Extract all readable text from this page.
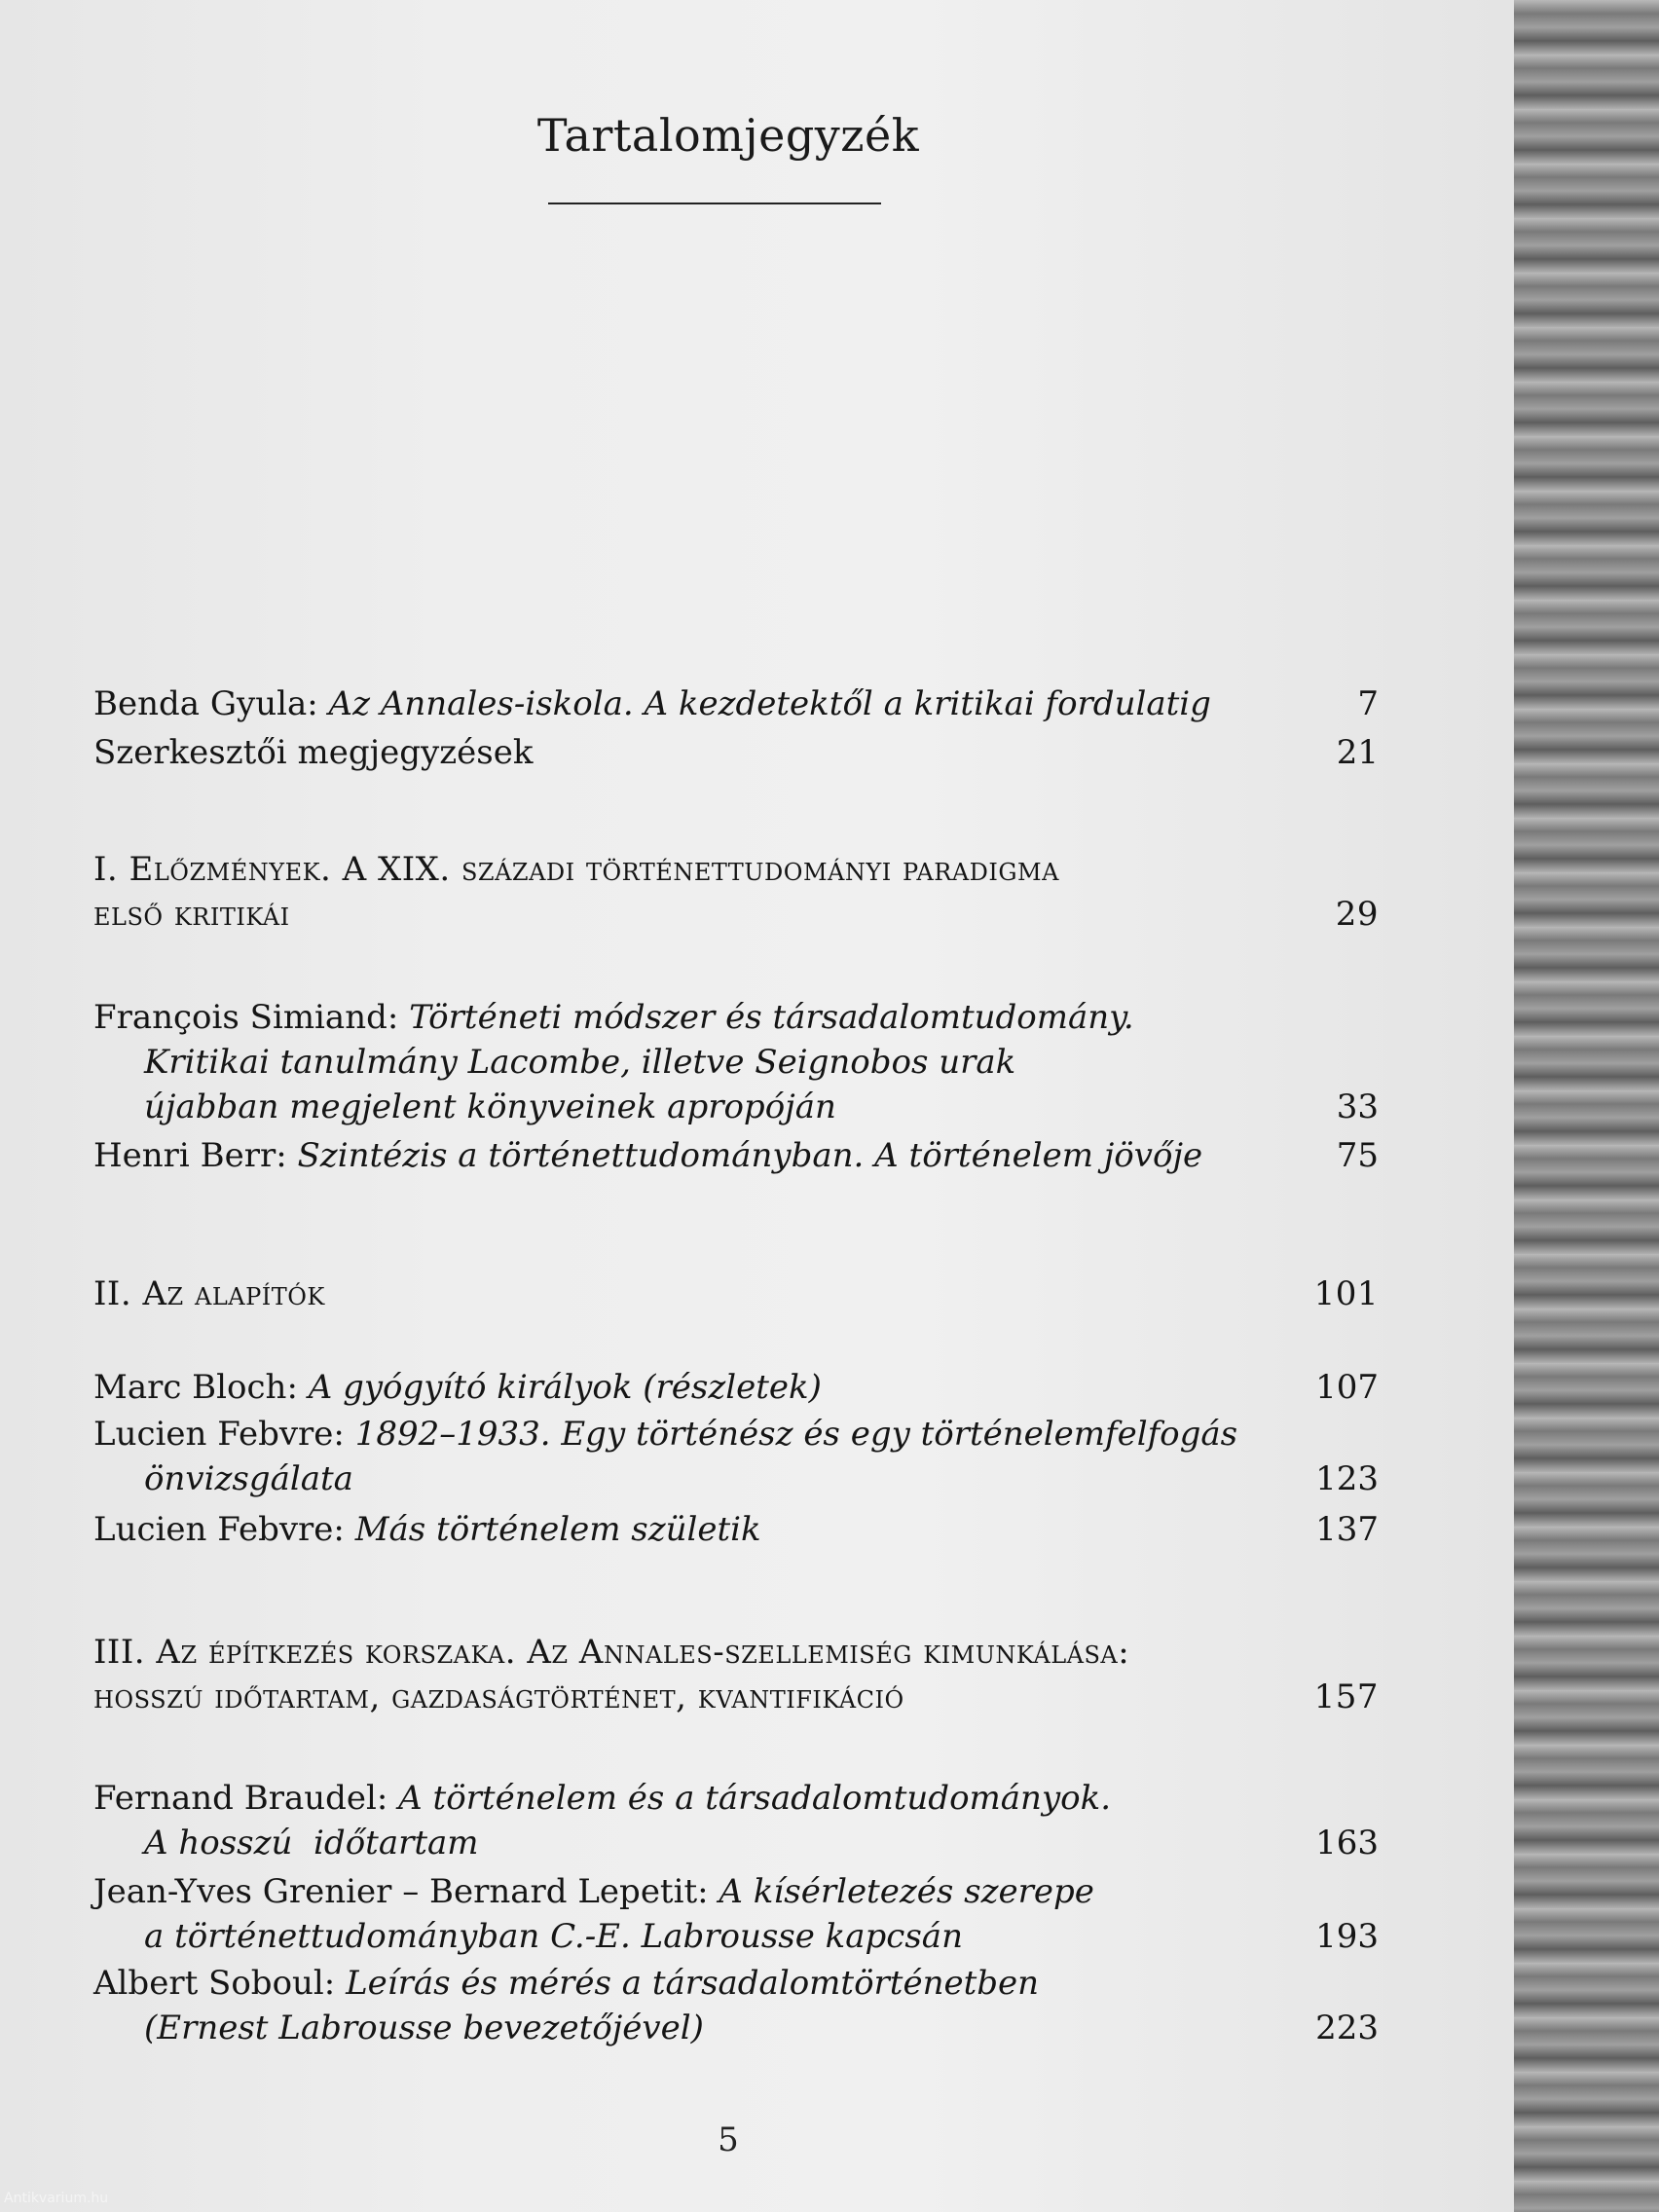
Tartalomjegyzék
Benda Gyula: Az Annales-iskola. A kezdetektől a kritikai fordulatig	7
Szerkesztői megjegyzések	21
I. Előzmények. A XIX. századi történettudományi paradigma
első kritikái	29
François Simiand: Történeti módszer és társadalomtudomány.
Kritikai tanulmány Lacombe, illetve Seignobos urak
újabban megjelent könyveinek apropóján	33
Henri Berr: Szintézis a történettudományban. A történelem jövője	75
II. Az alapítók	101
Marc Bloch: A gyógyító királyok (részletek)	107
Lucien Febvre: 1892–1933. Egy történész és egy történelemfelfogás
önvizsgálata	123
Lucien Febvre: Más történelem születik	137
III. Az építkezés korszaka. Az Annales-szellemiség kimunkálása:
hosszú időtartam, gazdaságtörténet, kvantifikáció	157
Fernand Braudel: A történelem és a társadalomtudományok.
A hosszú  időtartam	163
Jean-Yves Grenier – Bernard Lepetit: A kísérletezés szerepe
a történettudományban C.-E. Labrousse kapcsán	193
Albert Soboul: Leírás és mérés a társadalomtörténetben
(Ernest Labrousse bevezetőjével)	223
5
Antikvarium.hu
